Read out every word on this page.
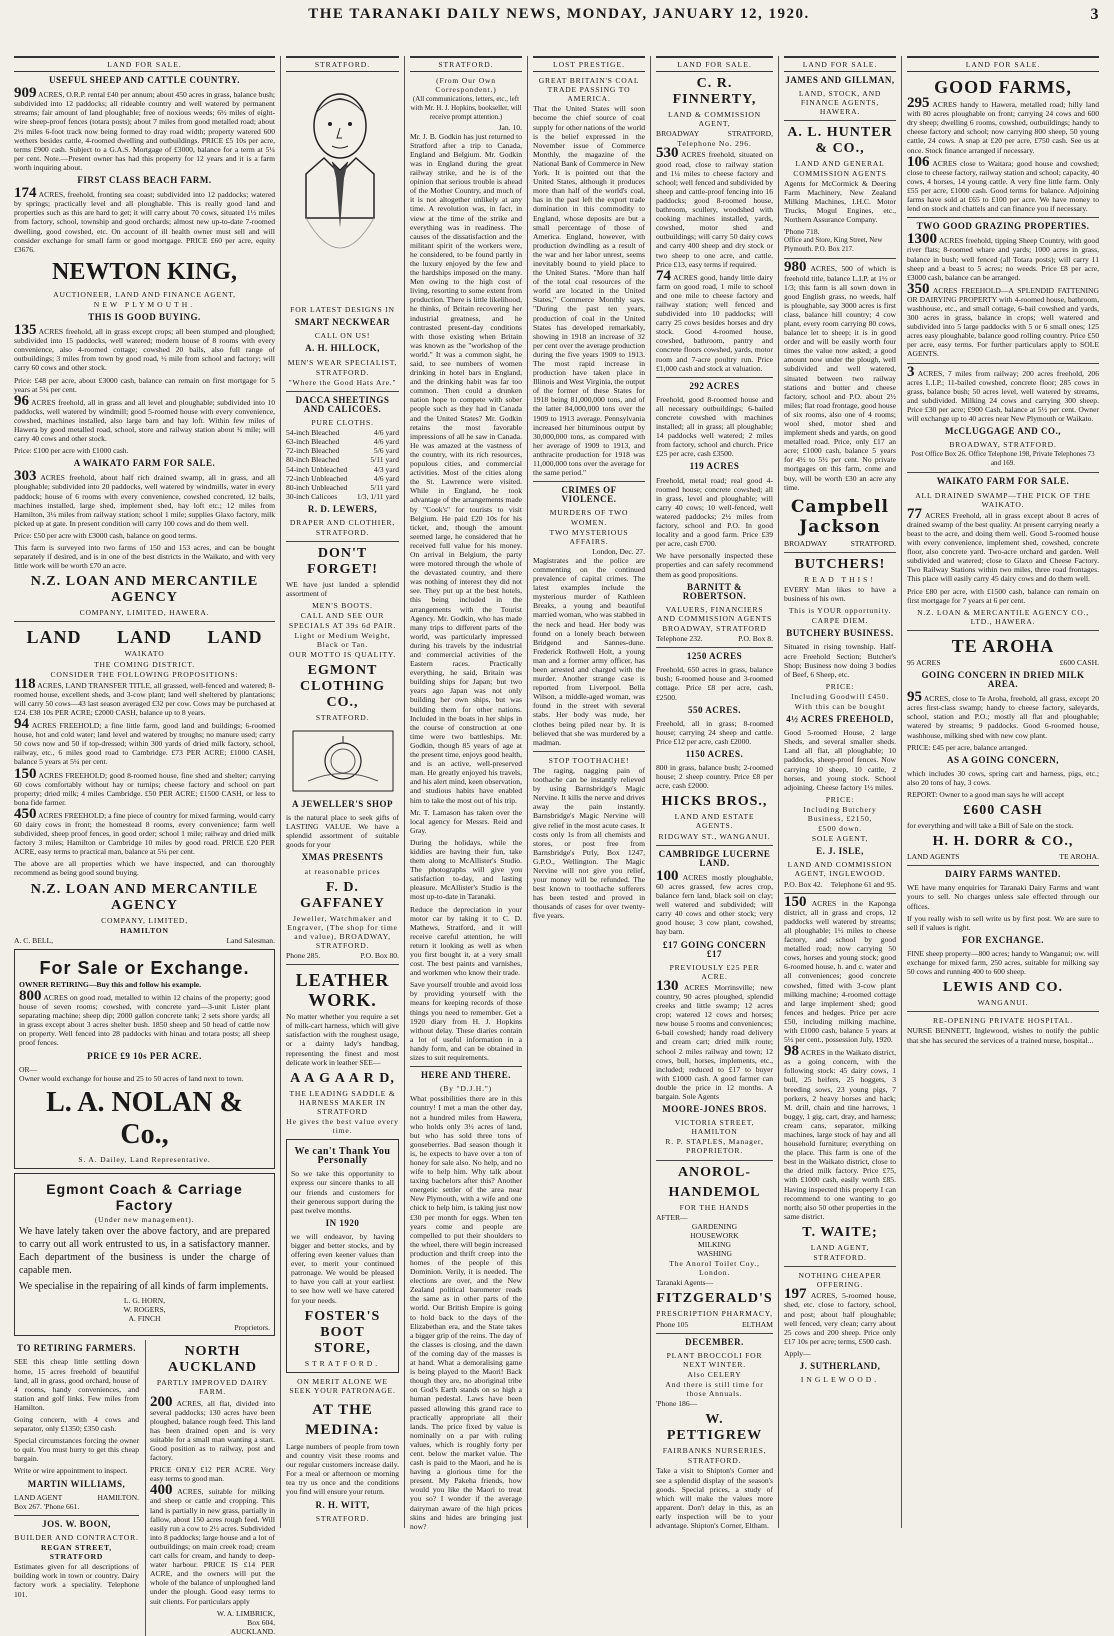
THE TARANAKI DAILY NEWS, MONDAY, JANUARY 12, 1920.	3
LAND FOR SALE.
USEFUL SHEEP AND CATTLE COUNTRY.

909 ACRES, O.R.P. rental £40 per annum; about 450 acres in grass, balance bush; subdivided into 12 paddocks; all rideable country and well watered by permanent streams; fair amount of land ploughable; free of noxious weeds; 6½ miles of eight-wire sheep-proof fences (totara posts); about 7 miles from good metalled road; about 2½ miles 6-foot track now being formed to dray road width; property watered 600 wethers besides cattle, 4-roomed dwelling and outbuildings. PRICE £5 10s per acre, terms £900 cash. Subject to a G.A.S. Mortgage of £3000, balance for a term at 5¼ per cent. Note.—Present owner has had this property for 12 years and it is a farm worth inquiring about.

FIRST CLASS BEACH FARM.

174 ACRES, freehold, fronting sea coast; subdivided into 12 paddocks; watered by springs; practically level and all ploughable. This is really good land and properties such as this are hard to get; it will carry about 70 cows, situated 1½ miles from factory, school, township and good orchards; almost new up-to-date 7-roomed dwelling, good cowshed, etc. On account of ill health owner must sell and will consider exchange for small farm or good mortgage. PRICE £60 per acre, equity £3676.

NEWTON KING,
AUCTIONEER, LAND AND FINANCE AGENT,
NEW PLYMOUTH.
THIS IS GOOD BUYING.

135 ACRES freehold, all in grass except crops; all been stumped and ploughed; subdivided into 15 paddocks, well watered; modern house of 8 rooms with every convenience, also 4-roomed cottage; cowshed 20 bails, also full range of outbuildings; 3 miles from town by good road, ½ mile from school and factory; will carry 60 cows and other stock.

Price: £48 per acre, about £3000 cash, balance can remain on first mortgage for 5 years at 5¼ per cent.

96 ACRES freehold, all in grass and all level and ploughable; subdivided into 10 paddocks, well watered by windmill; good 5-roomed house with every convenience, cowshed, machines installed, also large barn and hay loft. Within few miles of Hawera by good metalled road, school, store and railway station about ¾ mile; will carry 40 cows and other stock.

Price: £100 per acre with £1000 cash.

A WAIKATO FARM FOR SALE.

303 ACRES freehold, about half rich drained swamp, all in grass, and all ploughable; subdivided into 20 paddocks, well watered by windmills, water in every paddock; house of 6 rooms with every convenience, cowshed concreted, 12 bails, machines installed, large shed, implement shed, hay loft etc.; 12 miles from Hamilton, 3¼ miles from railway station; school 1 mile; supplies Glaxo factory, milk picked up at gate. In present condition will carry 100 cows and do them well.

Price: £50 per acre with £3000 cash, balance on good terms.

This farm is surveyed into two farms of 150 and 153 acres, and can be bought separately if desired, and is in one of the best districts in the Waikato, and with very little work will be worth £70 an acre.

N.Z. LOAN AND MERCANTILE AGENCY
COMPANY, LIMITED, HAWERA.
LAND LAND LAND
WAIKATO
THE COMING DISTRICT.
CONSIDER THE FOLLOWING PROPOSITIONS:

118 ACRES, LAND TRANSFER TITLE, all grassed, well-fenced and watered; 8-roomed house, excellent sheds, and 3-cow plant; land well sheltered by plantations; will carry 50 cows—43 last season averaged £32 per cow. Cows may be purchased at £24. £38 10s PER ACRE; £2000 CASH, balance up to 8 years.

94 ACRES FREEHOLD; a fine little farm, good land and buildings; 6-roomed house, hot and cold water; land level and watered by troughs; no manure used; carry 50 cows now and 50 if top-dressed; within 300 yards of dried milk factory, school, railway, etc., 6 miles good road to Cambridge. £73 PER ACRE; £1000 CASH, balance 5 years at 5¼ per cent.

150 ACRES FREEHOLD; good 8-roomed house, fine shed and shelter; carrying 60 cows comfortably without hay or turnips; cheese factory and school on part property; dried milk; 4 miles Cambridge. £50 PER ACRE; £1500 CASH, or less to bona fide farmer.

450 ACRES FREEHOLD; a fine piece of country for mixed farming, would carry 60 dairy cows in front; the homestead 8 rooms, every convenience; farm well subdivided, sheep proof fences, in good order; school 1 mile; railway and dried milk factory 3 miles; Hamilton or Cambridge 10 miles by good road. PRICE £20 PER ACRE, easy terms to practical man, balance at 5¼ per cent.

The above are all properties which we have inspected, and can thoroughly recommend as being good sound buying.

N.Z. LOAN AND MERCANTILE AGENCY
COMPANY, LIMITED,
HAMILTON
A. C. BELL,	Land Salesman.
For Sale or Exchange.

OWNER RETIRING—Buy this and follow his example.

800 ACRES on good road, metalled to within 12 chains of the property; good house of seven rooms; cowshed, with concrete yard—3-unit Lister plant separating machine; sheep dip; 2000 gallon concrete tank; 2 sets shore yards; all in grass except about 3 acres shelter bush. 1850 sheep and 50 head of cattle now on property. Well fenced into 28 paddocks with hinau and totara posts; all sheep proof fences.

PRICE £9 10s PER ACRE.
OR—

Owner would exchange for house and 25 to 50 acres of land next to town.

L. A. NOLAN & Co.,
S. A. Dailey, Land Representative.
Egmont Coach & Carriage Factory
(Under new management).

We have lately taken over the above factory, and are prepared to carry out all work entrusted to us, in a satisfactory manner. Each department of the business is under the charge of capable men.

We specialise in the repairing of all kinds of farm implements.

L. G. HORN,
W. ROGERS,
A. FINCH
Proprietors.
TO RETIRING FARMERS.

SEE this cheap little settling down home, 15 acres freehold of beautiful land, all in grass, good orchard, house of 4 rooms, handy conveniences, and station and golf links. Few miles from Hamilton.

Going concern, with 4 cows and separator, only £1350; £350 cash.

Special circumstances forcing the owner to quit. You must hurry to get this cheap bargain.

Write or wire appointment to inspect.

MARTIN WILLIAMS,
LAND AGENT	HAMILTON.
Box 267. 'Phone 661.
JOS. W. BOON,
BUILDER AND CONTRACTOR.
REGAN STREET, STRATFORD

Estimates given for all descriptions of building work in town or country. Dairy factory work a speciality. Telephone 101.

NORTH AUCKLAND
PARTLY IMPROVED DAIRY FARM.

200 ACRES, all flat, divided into several paddocks; 130 acres have been ploughed, balance rough feed. This land has been drained open and is very suitable for a small man wanting a start. Good position as to railway, post and factory.

PRICE ONLY £12 PER ACRE. Very easy terms to good man.

400 ACRES, suitable for milking and sheep or cattle and cropping. This land is partially in new grass, partially in fallow, about 150 acres rough feed. Will easily run a cow to 2½ acres. Subdivided into 8 paddocks; large house and a lot of outbuildings; on main creek road; cream cart calls for cream, and handy to deep-water harbour. PRICE IS £14 PER ACRE, and the owners will put the whole of the balance of unploughed land under the plough. Good easy terms to suit clients. For particulars apply

W. A. LIMBRICK,
Box 604,
AUCKLAND.
STRATFORD.
FOR LATEST DESIGNS IN
SMART NECKWEAR
CALL ON US!
A. H. HILLOCK,
MEN'S WEAR SPECIALIST,
STRATFORD.
"Where the Good Hats Are."
DACCA SHEETINGS AND CALICOES.
PURE CLOTHS.
54-inch Bleached	4/6 yard
63-inch Bleached	4/6 yard
72-inch Bleached	5/6 yard
80-inch Bleached	5/11 yard
54-inch Unbleached	4/3 yard
72-inch Unbleached	4/6 yard
80-inch Unbleached	5/11 yard
30-inch Calicoes	1/3, 1/11 yard
R. D. LEWERS,
DRAPER AND CLOTHIER,
STRATFORD.
DON'T FORGET!

WE have just landed a splendid assortment of

MEN'S BOOTS.
CALL AND SEE OUR SPECIALS AT 39s 6d PAIR.
Light or Medium Weight, Black or Tan.
OUR MOTTO IS QUALITY.
EGMONT CLOTHING CO.,
STRATFORD.
A JEWELLER'S SHOP

is the natural place to seek gifts of LASTING VALUE. We have a splendid assortment of suitable goods for your

XMAS PRESENTS
at reasonable prices
F. D. GAFFANEY
Jeweller, Watchmaker and Engraver, (The shop for time and value), BROADWAY, STRATFORD.
Phone 285.	P.O. Box 80.
LEATHER WORK.

No matter whether you require a set of milk-cart harness, which will give satisfaction with the roughest usage, or a dainty lady's handbag, representing the finest and most delicate work in leather SEE—

A A G A A R D,
THE LEADING SADDLE & HARNESS MAKER IN STRATFORD
He gives the best value every time.
We can't Thank You Personally

So we take this opportunity to express our sincere thanks to all our friends and customers for their generous support during the past twelve months.

IN 1920

we will endeavor, by having bigger and better stocks, and by offering even keener values than ever, to merit your continued patronage. We would be pleased to have you call at your earliest to see how well we have catered for your needs.

FOSTER'S BOOT STORE,
STRATFORD.
ON MERIT ALONE WE SEEK YOUR PATRONAGE.
AT THE MEDINA:

Large numbers of people from town and country visit these rooms and our regular customers increase daily. For a meal or afternoon or morning tea try us once and the conditions you find will ensure your return.

R. H. WITT,
STRATFORD.
STRATFORD.
(From Our Own Correspondent.)
(All communications, letters, etc., left with Mr. H. J. Hopkins, bookseller, will receive prompt attention.)
Jan. 10.

Mr. J. B. Godkin has just returned to Stratford after a trip to Canada, England and Belgium. Mr. Godkin was in England during the great railway strike, and he is of the opinion that serious trouble is ahead of the Mother Country, and much of it is not altogether unlikely at any time. A revolution was, in fact, in view at the time of the strike and everything was in readiness. The causes of the dissatisfaction and the militant spirit of the workers were, he considered, to be found partly in the luxury enjoyed by the few and the hardships imposed on the many. Men owing to the high cost of living, resorting to some extent from production. There is little likelihood, he thinks, of Britain recovering her industrial greatness, and he contrasted present-day conditions with those existing when Britain was known as the "workshop of the world." It was a common sight, he said, to see numbers of women drinking in hotel bars in England, and the drinking habit was far too common. Then could a drunken nation hope to compete with sober people such as they had in Canada and the United States? Mr. Godkin retains the most favorable impressions of all he saw in Canada. He was amazed at the vastness of the country, with its rich resources, populous cities, and commercial activities. Most of the cities along the St. Lawrence were visited. While in England, he took advantage of the arrangements made by "Cook's" for tourists to visit Belgium. He paid £20 10s for his ticket, and, though the amount seemed large, he considered that he received full value for his money. On arrival in Belgium, the party were motored through the whole of the devastated country, and there was nothing of interest they did not see. They put up at the best hotels, this being included in the arrangements with the Tourist Agency. Mr. Godkin, who has made many trips to different parts of the world, was particularly impressed during his travels by the industrial and commercial activities of the Eastern races. Practically everything, he said, Britain was building ships for Japan; but two years ago Japan was not only building her own ships, but was building them for other nations. Included in the boats in her ships in the course of construction at one time were two battleships. Mr. Godkin, though 85 years of age at the present time, enjoys good health, and is an active, well-preserved man. He greatly enjoyed his travels, and his alert mind, keen observation, and studious habits have enabled him to take the most out of his trip.

Mr. T. Lamason has taken over the local agency for Messrs. Reid and Gray.

During the holidays, while the kiddies are having their fun, take them along to McAllister's Studio. The photographs will give you satisfaction to-day, and lasting pleasure. McAllister's Studio is the most up-to-date in Taranaki.

Reduce the depreciation in your motor car by taking it to C. D. Mathews, Stratford, and it will receive careful attention, he will return it looking as well as when you first bought it, at a very small cost. The best paints and varnishes, and workmen who know their trade.

Save yourself trouble and avoid loss by providing yourself with the means for keeping records of those things you need to remember. Get a 1920 diary from H. J. Hopkins without delay. These diaries contain a lot of useful information in a handy form, and can be obtained in sizes to suit requirements.

HERE AND THERE.
(By "D.J.H.")

What possibilities there are in this country! I met a man the other day, not a hundred miles from Hawera, who holds only 3½ acres of land, but who has sold three tons of gooseberries. Bad season though it is, he expects to have over a ton of honey for sale also. No help, and no wife to help him. Why talk about taxing bachelors after this? Another energetic settler of the area near New Plymouth, with a wife and one chick to help him, is taking just now £30 per month for eggs. When ten years come and people are compelled to put their shoulders to the wheel, there will begin increased production and thrift creep into the homes of the people of this Dominion. Verily, it is needed. The elections are over, and the New Zealand political barometer reads the same as in other parts of the world. Our British Empire is going to hold back to the days of the Elizabethan era, and the State takes a bigger grip of the reins. The day of the classes is closing, and the dawn of the coming day of the masses is at hand. What a demoralising game is being played to the Maori! Back though they are, no aboriginal tribe on God's Earth stands on so high a human pedestal. Laws have been passed allowing this grand race to practically appropriate all their lands. The price fixed by value is nominally on a par with ruling values, which is roughly forty per cent. below the market value. The cash is paid to the Maori, and he is having a glorious time for the present. My Pakeha friends, how would you like the Maori to treat you so? I wonder if the average dairyman aware of the high prices skins and hides are bringing just now?

LOST PRESTIGE.
GREAT BRITAIN'S COAL TRADE PASSING TO AMERICA.

That the United States will soon become the chief source of coal supply for other nations of the world is the belief expressed in the November issue of Commerce Monthly, the magazine of the National Bank of Commerce in New York. It is pointed out that the United States, although it produces more than half of the world's coal, has in the past left the export trade domination in this commodity to England, whose deposits are but a small percentage of those of America. England, however, with production dwindling as a result of the war and her labor unrest, seems inevitably bound to yield place to the United States. "More than half of the total coal resources of the world are located in the United States," Commerce Monthly says. "During the past ten years, production of coal in the United States has developed remarkably, showing in 1918 an increase of 32 per cent over the average production during the five years 1909 to 1913. The most rapid increase in production have taken place in Illinois and West Virginia, the output of the former of these States for 1918 being 81,000,000 tons, and of the latter 84,000,000 tons over the 1909 to 1913 average. Pennsylvania increased her bituminous output by 30,000,000 tons, as compared with her average of 1909 to 1913, and anthracite production for 1918 was 11,000,000 tons over the average for the same period."

CRIMES OF VIOLENCE.
MURDERS OF TWO WOMEN.
TWO MYSTERIOUS AFFAIRS.
London, Dec. 27.

Magistrates and the police are commenting on the continued prevalence of capital crimes. The latest examples include the mysterious murder of Kathleen Breaks, a young and beautiful married woman, who was stabbed in the neck and head. Her body was found on a lonely beach between Bridgend and Sannes-dune. Frederick Rothwell Holt, a young man and a former army officer, has been arrested and charged with the murder. Another strange case is reported from Liverpool. Bella Wilson, a middle-aged woman, was found in the street with several stabs. Her body was nude, her clothes being piled near by. It is believed that she was murdered by a madman.

STOP TOOTHACHE!

The raging, nagging pain of toothache can be instantly relieved by using Barnsbridge's Magic Nervine. It kills the nerve and drives away the pain instantly. Barnsbridge's Magic Nervine will give relief in the most acute cases. It costs only 1s from all chemists and stores, or post free from Barnsbridge's Ptrly, Box 1247, G.P.O., Wellington. The Magic Nervine will not give you relief, your money will be refunded. The best known to toothache sufferers has been tested and proved in thousands of cases for over twenty-five years.

LAND FOR SALE.
C. R. FINNERTY,
LAND & COMMISSION AGENT,
BROADWAY	STRATFORD,
Telephone No. 296.

530 ACRES freehold, situated on good road, close to railway station and 1¼ miles to cheese factory and school; well fenced and subdivided by sheep and cattle-proof fencing into 16 paddocks; good 8-roomed house, bathroom, scullery, woodshed with cooking machines installed, yards, cowshed, motor shed and outbuildings; will carry 50 dairy cows and carry 400 sheep and dry stock or two sheep to one acre, and cattle. Price £13, easy terms if required.

74 ACRES good, handy little dairy farm on good road, 1 mile to school and one mile to cheese factory and railway station; well fenced and subdivided into 10 paddocks; will carry 25 cows besides horses and dry stock. Good 4-roomed house, cowshed, bathroom, pantry and concrete floors cowshed, yards, motor room and 7-acre poultry run. Price £1,000 cash and stock at valuation.

292 ACRES

Freehold, good 8-roomed house and all necessary outbuildings; 6-bailed concrete cowshed with machines installed; all in grass; all ploughable; 14 paddocks well watered; 2 miles from factory, school and church. Price £25 per acre, cash £3500.

119 ACRES

Freehold, metal road; real good 4-roomed house; concrete cowshed; all in grass, level and ploughable; will carry 40 cows; 10 well-fenced, well watered paddocks; 2½ miles from factory, school and P.O. In good locality and a good farm. Price £39 per acre, cash £700.

We have personally inspected these properties and can safely recommend them as good propositions.

BARNITT & ROBERTSON.
VALUERS, FINANCIERS AND COMMISSION AGENTS
BROADWAY, STRATFORD
Telephone 232.	P.O. Box 8.
1250 ACRES

Freehold, 650 acres in grass, balance bush; 6-roomed house and 3-roomed cottage. Price £8 per acre, cash, £2500.

550 ACRES.

Freehold, all in grass; 8-roomed house; carrying 24 sheep and cattle. Price £12 per acre, cash £2000.

1150 ACRES.

800 in grass, balance bush; 2-roomed house; 2 sheep country. Price £8 per acre, cash £2000.

HICKS BROS.,
LAND AND ESTATE AGENTS.
RIDGWAY ST., WANGANUI.
CAMBRIDGE LUCERNE LAND.

100 ACRES mostly ploughable, 60 acres grassed, few acres crop, balance fern land, black soil on clay; well watered and subdivided; will carry 40 cows and other stock; very good house; 3 cow plant, cowshed, hay barn.

£17 GOING CONCERN £17
PREVIOUSLY £25 PER ACRE.

130 ACRES Morrinsville; new country, 90 acres ploughed, splendid creeks and little swamp; 12 acres crop; watered 12 cows and horses; new house 5 rooms and conveniences; 6-bail cowshed; handy road delivery and cream cart; dried milk route; school 2 miles railway and town; 12 cows, bull, horses, implements, etc., included; reduced to £17 to buyer with £1000 cash. A good farmer can double the price in 12 months. A bargain. Sole Agents

MOORE-JONES BROS.
VICTORIA STREET, HAMILTON
R. P. STAPLES, Manager, PROPRIETOR.
ANOROL-
HANDEMOL
FOR THE HANDS
AFTER—
GARDENING
HOUSEWORK
MILKING
WASHING
The Anorol Toilet Coy., London.
Taranaki Agents—
FITZGERALD'S
PRESCRIPTION PHARMACY,
Phone 105	ELTHAM
DECEMBER.
PLANT BROCCOLI FOR NEXT WINTER.
Also CELERY
And there is still time for those Annuals.
'Phone 186—
W. PETTIGREW
FAIRBANKS NURSERIES,
STRATFORD.

Take a visit to Shipton's Corner and see a splendid display of the season's goods. Special prices, a study of which will make the values more apparent. Don't delay in this, as an early inspection will be to your advantage. Shipton's Corner, Eltham.

LAND FOR SALE.
JAMES AND GILLMAN,
LAND, STOCK, AND FINANCE AGENTS, HAWERA.
A. L. HUNTER & CO.,
LAND AND GENERAL COMMISSION AGENTS

Agents for McCormick & Deering Farm Machinery, New Zealand Milking Machines, I.H.C. Motor Trucks, Mogul Engines, etc., Northern Assurance Company.

'Phone 718.
Office and Store, King Street, New Plymouth. P.O. Box 217.

980 ACRES, 500 of which is freehold title, balance L.I.P. at 1½ or 1/3; this farm is all sown down in good English grass, no weeds, half is ploughable, say 3000 acres is first class, balance hill country; 4 cow plant, every room carrying 80 cows, balance let to sheep; it is in good order and will be easily worth four times the value now asked; a good amount now under the plough, well subdivided and well watered, situated between two railway stations and butter and cheese factory, school and P.O. about 2½ miles; flat road frontage, good house of six rooms, also one of 4 rooms; wool shed, motor shed and implement sheds and yards, on good metalled road. Price, only £17 an acre; £1000 cash, balance 5 years for 4½ to 5½ per cent. No private mortgages on this farm, come and buy, will be worth £30 an acre any time.

Campbell Jackson
BROADWAY	STRATFORD.
BUTCHERS!
READ THIS!

EVERY Man likes to have a business of his own.

This is YOUR opportunity.
CARPE DIEM.
BUTCHERY BUSINESS.

Situated in rising township. Half-acre Freehold Section; Butcher's Shop; Business now doing 3 bodies of Beef, 6 Sheep, etc.

PRICE:
Including Goodwill £450.
With this can be bought
4½ ACRES FREEHOLD,

Good 5-roomed House, 2 large Sheds, and several smaller sheds. Land all flat, all ploughable; 10 paddocks, sheep-proof fences. Now carrying 10 sheep, 10 cattle, 2 horses, and young stock. School adjoining. Cheese factory 1½ miles.

PRICE:
Including Butchery Business, £2150,
£500 down.
SOLE AGENT,
E. J. ISLE,
LAND AND COMMISSION AGENT, INGLEWOOD.
P.O. Box 42. Telephone 61 and 95.

150 ACRES in the Kaponga district, all in grass and crops, 12 paddocks well watered by streams; all ploughable; 1½ miles to cheese factory, and school by good metalled road; now carrying 50 cows, horses and young stock; good 6-roomed house, h. and c. water and all conveniences; good concrete cowshed, fitted with 3-cow plant milking machine; 4-roomed cottage and large implement shed; good fences and hedges. Price per acre £50, including milking machine, with £1000 cash, balance 5 years at 5½ per cent., possession July, 1920.

98 ACRES in the Waikato district, as a going concern, with the following stock: 45 dairy cows, 1 bull, 25 heifers, 25 hoggets, 3 breeding sows, 23 young pigs, 7 porkers, 2 heavy horses and hack; M. drill, chain and tine harrows, 1 buggy, 1 gig, cart, dray, and harness; cream cans, separator, milking machines, large stock of hay and all household furniture; everything on the place. This farm is one of the best in the Waikato district, close to the dried milk factory. Price £75, with £1000 cash, easily worth £85. Having inspected this property I can recommend to one wanting to go north; also 50 other properties in the same district.

T. WAITE;
LAND AGENT,
STRATFORD.
NOTHING CHEAPER OFFERING.

197 ACRES, 5-roomed house, shed, etc. close to factory, school, and post; about half ploughable; well fenced, very clean; carry about 25 cows and 200 sheep. Price only £17 10s per acre; terms, £500 cash.

Apply—
J. SUTHERLAND,
INGLEWOOD.
LAND FOR SALE.
GOOD FARMS,

295 ACRES handy to Hawera, metalled road; hilly land with 80 acres ploughable on front; carrying 24 cows and 600 dry sheep; dwelling 6 rooms, cowshed, outbuildings; handy to cheese factory and school; now carrying 800 sheep, 50 young cattle, 24 cows. A snap at £20 per acre, £750 cash. See us at once. Stock finance arranged if necessary.

106 ACRES close to Waitara; good house and cowshed; close to cheese factory, railway station and school; capacity, 40 cows, 4 horses, 14 young cattle. A very fine little farm. Only £55 per acre, £1000 cash. Good terms for balance. Adjoining farms have sold at £65 to £100 per acre. We have money to lend on stock and chattels and can finance you if necessary.

TWO GOOD GRAZING PROPERTIES.

1300 ACRES freehold, tipping Sheep Country, with good river flats; 8-roomed whare and yards; 1000 acres in grass, balance in bush; well fenced (all Totara posts); will carry 11 sheep and a beast to 5 acres; no weeds. Price £8 per acre, £3000 cash, balance can be arranged.

350 ACRES FREEHOLD—A SPLENDID FATTENING OR DAIRYING PROPERTY with 4-roomed house, bathroom, washhouse, etc., and small cottage, 6-bail cowshed and yards, 300 acres in grass, balance in crops; well watered and subdivided into 5 large paddocks with 5 or 6 small ones; 125 acres easy ploughable, balance good rolling country. Price £50 per acre, easy terms. For further particulars apply to SOLE AGENTS.

3 ACRES, 7 miles from railway; 200 acres freehold, 206 acres L.I.P.; 11-bailed cowshed, concrete floor; 285 cows in grass, balance bush; 50 acres level, well watered by streams, and subdivided. Milking 24 cows and carrying 300 sheep. Price £30 per acre; £900 Cash, balance at 5½ per cent. Owner will exchange up to 40 acres near New Plymouth or Waikato.

McCLUGGAGE AND CO.,
BROADWAY, STRATFORD.
Post Office Box 26. Office Telephone 198, Private Telephones 73 and 169.
WAIKATO FARM FOR SALE.
ALL DRAINED SWAMP—THE PICK OF THE WAIKATO.

77 ACRES Freehold, all in grass except about 8 acres of drained swamp of the best quality. At present carrying nearly a beast to the acre, and doing them well. Good 5-roomed house with every convenience, implement shed, cowshed, concrete floor, also concrete yard. Two-acre orchard and garden. Well subdivided and watered; close to Glaxo and Cheese Factory. Two Railway Stations within two miles, three road frontages. This place will easily carry 45 dairy cows and do them well.

Price £80 per acre, with £1500 cash, balance can remain on first mortgage for 7 years at 6 per cent.

N.Z. LOAN & MERCANTILE AGENCY CO., LTD., HAWERA.
TE AROHA
95 ACRES	£600 CASH.
GOING CONCERN IN DRIED MILK AREA.

95 ACRES, close to Te Aroha, freehold, all grass, except 20 acres first-class swamp; handy to cheese factory, saleyards, school, station and P.O.; mostly all flat and ploughable; watered by streams; 9 paddocks. Good 6-roomed house, washhouse, milking shed with new cow plant.

PRICE: £45 per acre, balance arranged.

AS A GOING CONCERN,

which includes 30 cows, spring cart and harness, pigs, etc.; also 20 tons of hay, 3 cows.

REPORT: Owner to a good man says he will accept

£600 CASH

for everything and will take a Bill of Sale on the stock.

H. H. DORR & CO.,
LAND AGENTS	TE AROHA.
DAIRY FARMS WANTED.

WE have many enquiries for Taranaki Dairy Farms and want yours to sell. No charges unless sale effected through our offices.

If you really wish to sell write us by first post. We are sure to sell if values is right.

FOR EXCHANGE.

FINE sheep property—800 acres; handy to Wanganui; ow. will exchange for mixed farm, 250 acres, suitable for milking say 50 cows and running 400 to 600 sheep.

LEWIS AND CO.
WANGANUI.
RE-OPENING PRIVATE HOSPITAL.

NURSE BENNETT, Inglewood, wishes to notify the public that she has secured the services of a trained nurse, hospital...
